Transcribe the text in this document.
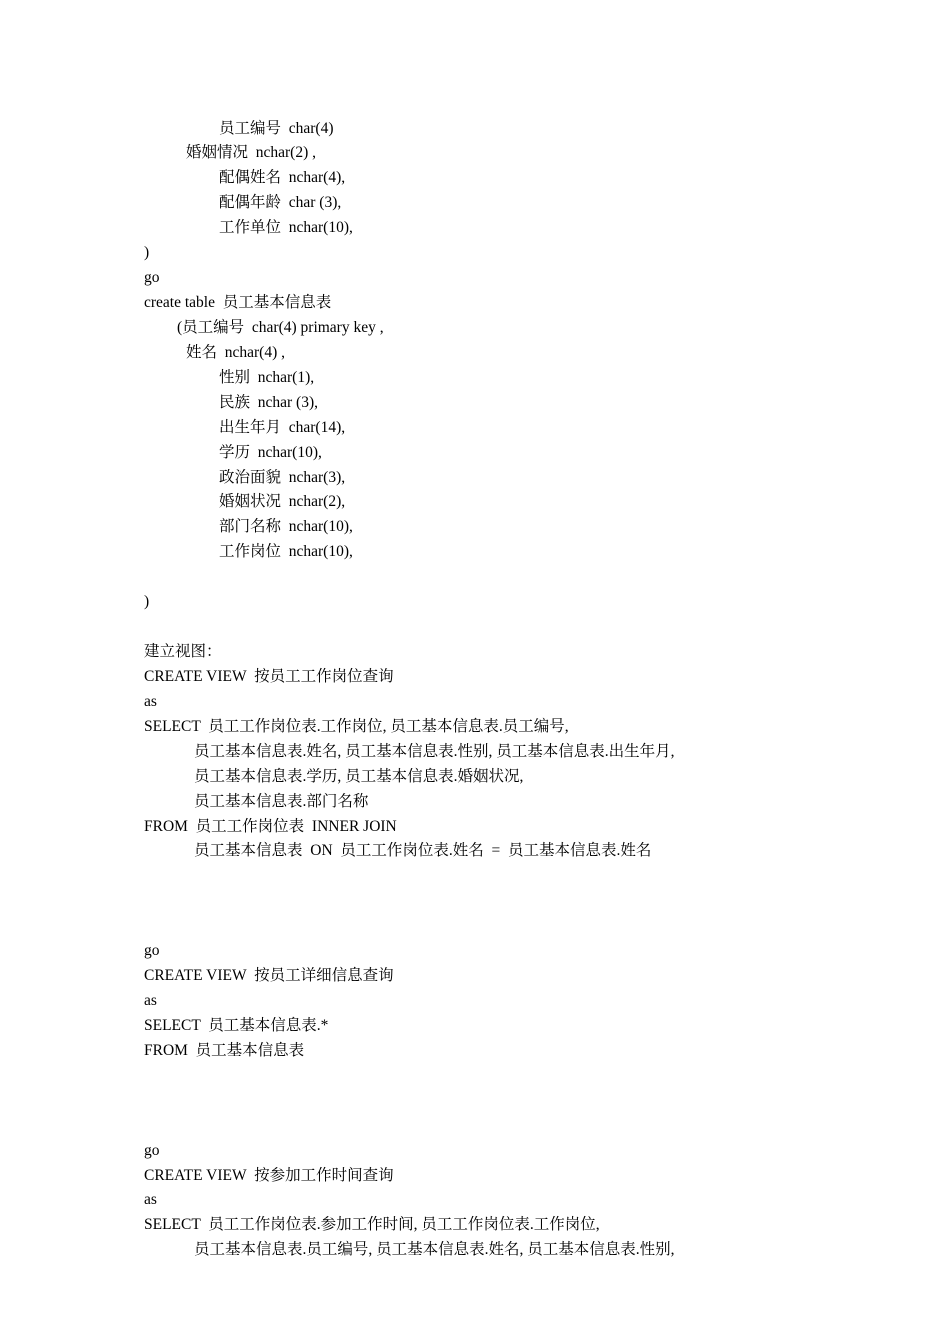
员工编号  char(4)
婚姻情况  nchar(2) ,
配偶姓名  nchar(4),
配偶年龄  char (3),
工作单位  nchar(10),
)
go
create table  员工基本信息表
(员工编号  char(4) primary key ,
姓名  nchar(4) ,
性别  nchar(1),
民族  nchar (3),
出生年月  char(14),
学历  nchar(10),
政治面貌  nchar(3),
婚姻状况  nchar(2),
部门名称  nchar(10),
工作岗位  nchar(10),
)
建立视图：
CREATE VIEW  按员工工作岗位查询
as
SELECT  员工工作岗位表.工作岗位, 员工基本信息表.员工编号,
员工基本信息表.姓名, 员工基本信息表.性别, 员工基本信息表.出生年月,
员工基本信息表.学历, 员工基本信息表.婚姻状况,
员工基本信息表.部门名称
FROM  员工工作岗位表  INNER JOIN
员工基本信息表  ON  员工工作岗位表.姓名  =  员工基本信息表.姓名
go
CREATE VIEW  按员工详细信息查询
as
SELECT  员工基本信息表.*
FROM  员工基本信息表
go
CREATE VIEW  按参加工作时间查询
as
SELECT  员工工作岗位表.参加工作时间, 员工工作岗位表.工作岗位,
员工基本信息表.员工编号, 员工基本信息表.姓名, 员工基本信息表.性别,
